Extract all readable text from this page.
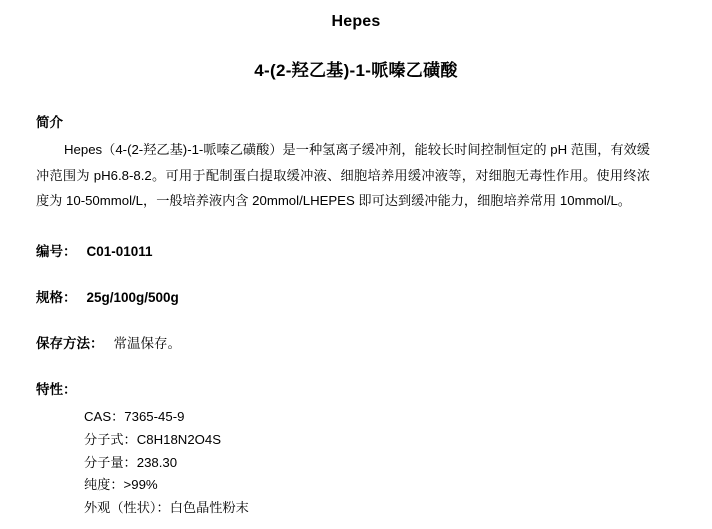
Hepes
4-(2-羟乙基)-1-哌嗪乙磺酸
简介
Hepes（4-(2-羟乙基)-1-哌嗪乙磺酸）是一种氢离子缓冲剂，能较长时间控制恒定的 pH 范围，有效缓冲范围为 pH6.8-8.2。可用于配制蛋白提取缓冲液、细胞培养用缓冲液等，对细胞无毒性作用。使用终浓度为 10-50mmol/L，一般培养液内含 20mmol/LHEPES 即可达到缓冲能力，细胞培养常用 10mmol/L。
编号： C01-01011
规格： 25g/100g/500g
保存方法： 常温保存。
特性：
CAS：7365-45-9
分子式：C8H18N2O4S
分子量：238.30
纯度：>99%
外观（性状）：白色晶性粉末
